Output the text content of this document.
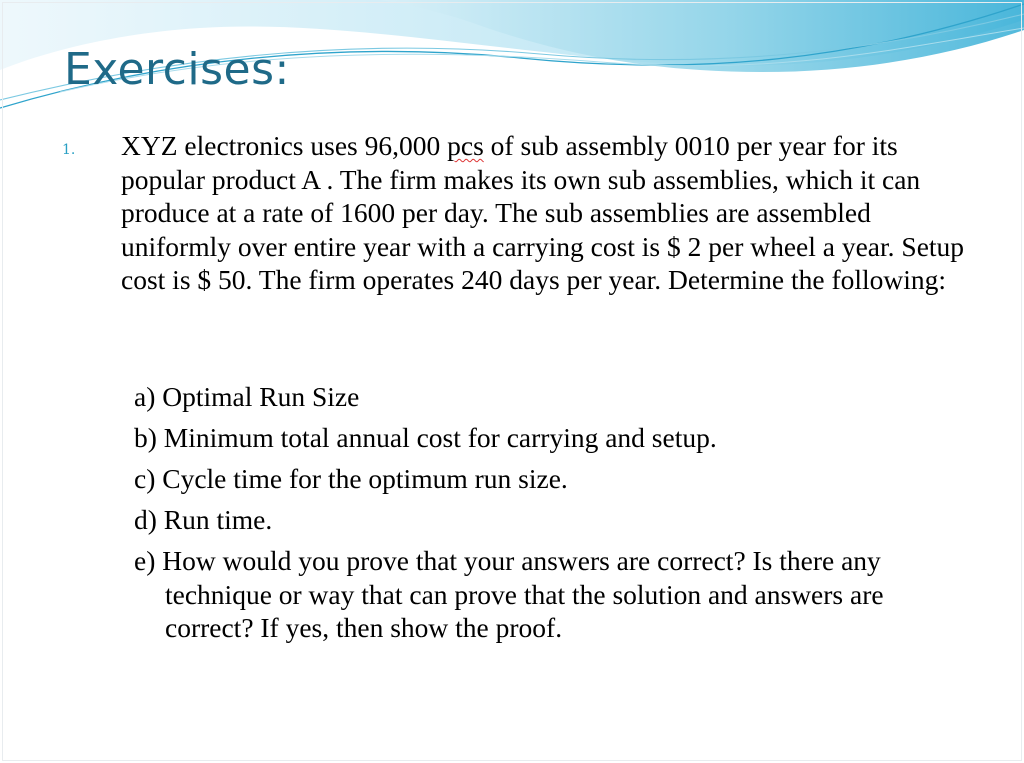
Exercises:
1. XYZ electronics uses 96,000 pcs of sub assembly 0010 per year for its popular product A . The firm makes its own sub assemblies, which it can produce at a rate of 1600 per day. The sub assemblies are assembled uniformly over entire year with a carrying cost is $ 2 per wheel a year. Setup cost is $ 50. The firm operates 240 days per year. Determine the following:

a) Optimal Run Size
b) Minimum total annual cost for carrying and setup.
c) Cycle time for the optimum run size.
d) Run time.
e) How would you prove that your answers are correct? Is there any technique or way that can prove that the solution and answers are correct? If yes, then show the proof.
